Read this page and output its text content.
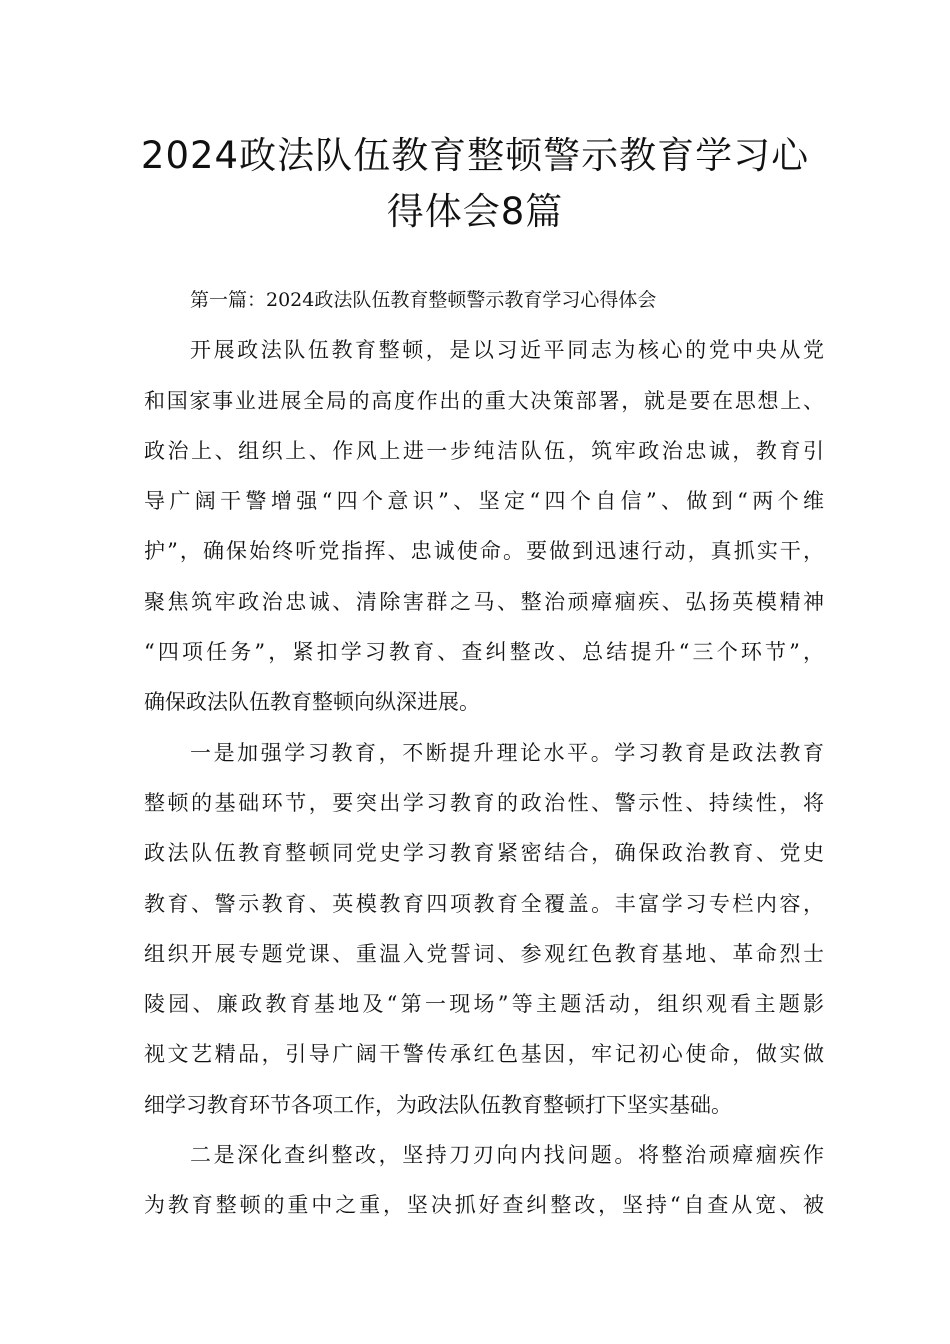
2024政法队伍教育整顿警示教育学习心
得体会8篇
第一篇：2024政法队伍教育整顿警示教育学习心得体会
开展政法队伍教育整顿，是以习近平同志为核心的党中央从党
和国家事业进展全局的高度作出的重大决策部署，就是要在思想上、
政治上、组织上、作风上进一步纯洁队伍，筑牢政治忠诚，教育引
导广阔干警增强“四个意识”、坚定“四个自信”、做到“两个维
护”，确保始终听党指挥、忠诚使命。要做到迅速行动，真抓实干，
聚焦筑牢政治忠诚、清除害群之马、整治顽瘴痼疾、弘扬英模精神
“四项任务”，紧扣学习教育、查纠整改、总结提升“三个环节”，
确保政法队伍教育整顿向纵深进展。
一是加强学习教育，不断提升理论水平。学习教育是政法教育
整顿的基础环节，要突出学习教育的政治性、警示性、持续性，将
政法队伍教育整顿同党史学习教育紧密结合，确保政治教育、党史
教育、警示教育、英模教育四项教育全覆盖。丰富学习专栏内容，
组织开展专题党课、重温入党誓词、参观红色教育基地、革命烈士
陵园、廉政教育基地及“第一现场”等主题活动，组织观看主题影
视文艺精品，引导广阔干警传承红色基因，牢记初心使命，做实做
细学习教育环节各项工作，为政法队伍教育整顿打下坚实基础。
二是深化查纠整改，坚持刀刃向内找问题。将整治顽瘴痼疾作
为教育整顿的重中之重，坚决抓好查纠整改，坚持“自查从宽、被
